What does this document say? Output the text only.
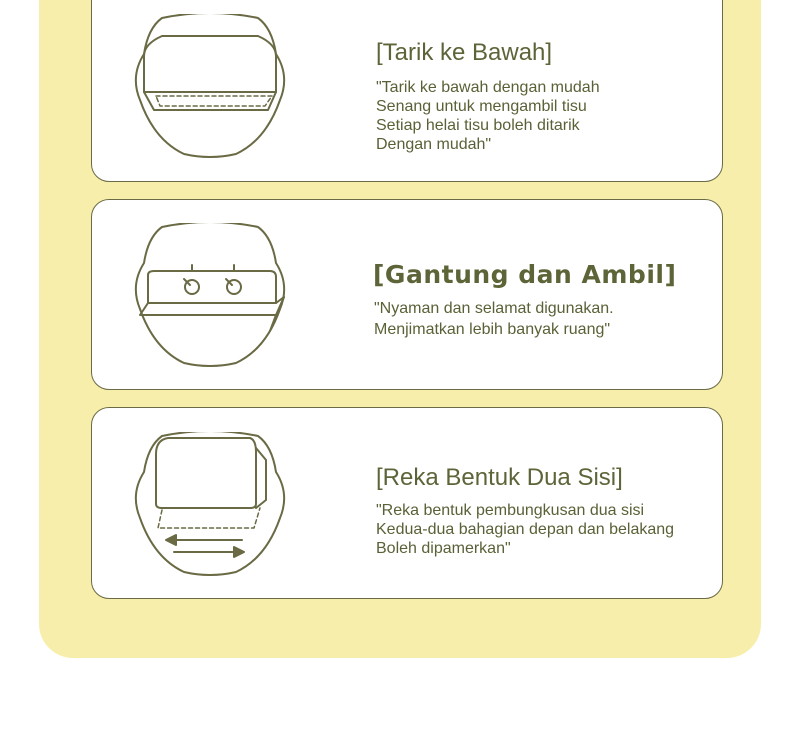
[Tarik ke Bawah]
"Tarik ke bawah dengan mudah
Senang untuk mengambil tisu
Setiap helai tisu boleh ditarik
Dengan mudah"
[Gantung dan Ambil]
"Nyaman dan selamat digunakan.
Menjimatkan lebih banyak ruang"
[Reka Bentuk Dua Sisi]
"Reka bentuk pembungkusan dua sisi
Kedua-dua bahagian depan dan belakang
Boleh dipamerkan"
